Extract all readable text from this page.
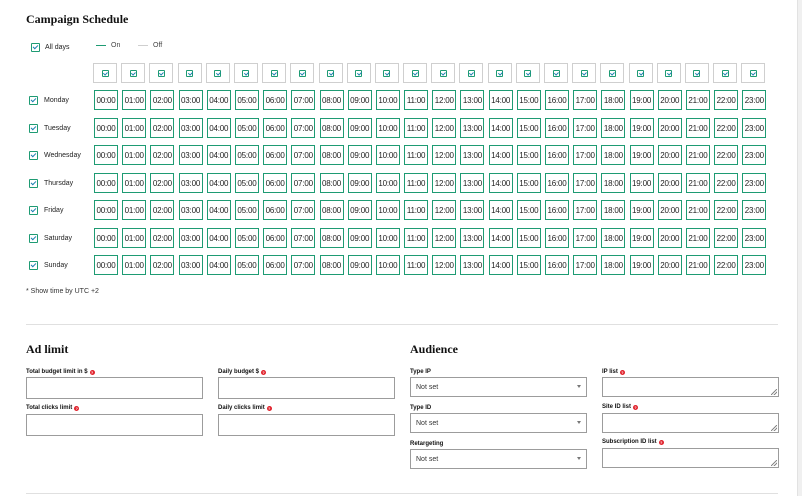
Campaign Schedule
All days	On	Off
Monday	00:00	01:00	02:00	03:00	04:00	05:00	06:00	07:00	08:00	09:00	10:00	11:00	12:00	13:00	14:00	15:00	16:00	17:00	18:00	19:00	20:00	21:00	22:00	23:00
Tuesday	00:00	01:00	02:00	03:00	04:00	05:00	06:00	07:00	08:00	09:00	10:00	11:00	12:00	13:00	14:00	15:00	16:00	17:00	18:00	19:00	20:00	21:00	22:00	23:00
Wednesday	00:00	01:00	02:00	03:00	04:00	05:00	06:00	07:00	08:00	09:00	10:00	11:00	12:00	13:00	14:00	15:00	16:00	17:00	18:00	19:00	20:00	21:00	22:00	23:00
Thursday	00:00	01:00	02:00	03:00	04:00	05:00	06:00	07:00	08:00	09:00	10:00	11:00	12:00	13:00	14:00	15:00	16:00	17:00	18:00	19:00	20:00	21:00	22:00	23:00
Friday	00:00	01:00	02:00	03:00	04:00	05:00	06:00	07:00	08:00	09:00	10:00	11:00	12:00	13:00	14:00	15:00	16:00	17:00	18:00	19:00	20:00	21:00	22:00	23:00
Saturday	00:00	01:00	02:00	03:00	04:00	05:00	06:00	07:00	08:00	09:00	10:00	11:00	12:00	13:00	14:00	15:00	16:00	17:00	18:00	19:00	20:00	21:00	22:00	23:00
Sunday	00:00	01:00	02:00	03:00	04:00	05:00	06:00	07:00	08:00	09:00	10:00	11:00	12:00	13:00	14:00	15:00	16:00	17:00	18:00	19:00	20:00	21:00	22:00	23:00
* Show time by UTC +2
Ad limit
Total budget limit in $ ?	Daily budget $ ?
Total clicks limit ?	Daily clicks limit ?
Audience
Type IP
Not set
Type ID
Not set
Retargeting
Not set
IP list ?
Site ID list ?
Subscription ID list ?
